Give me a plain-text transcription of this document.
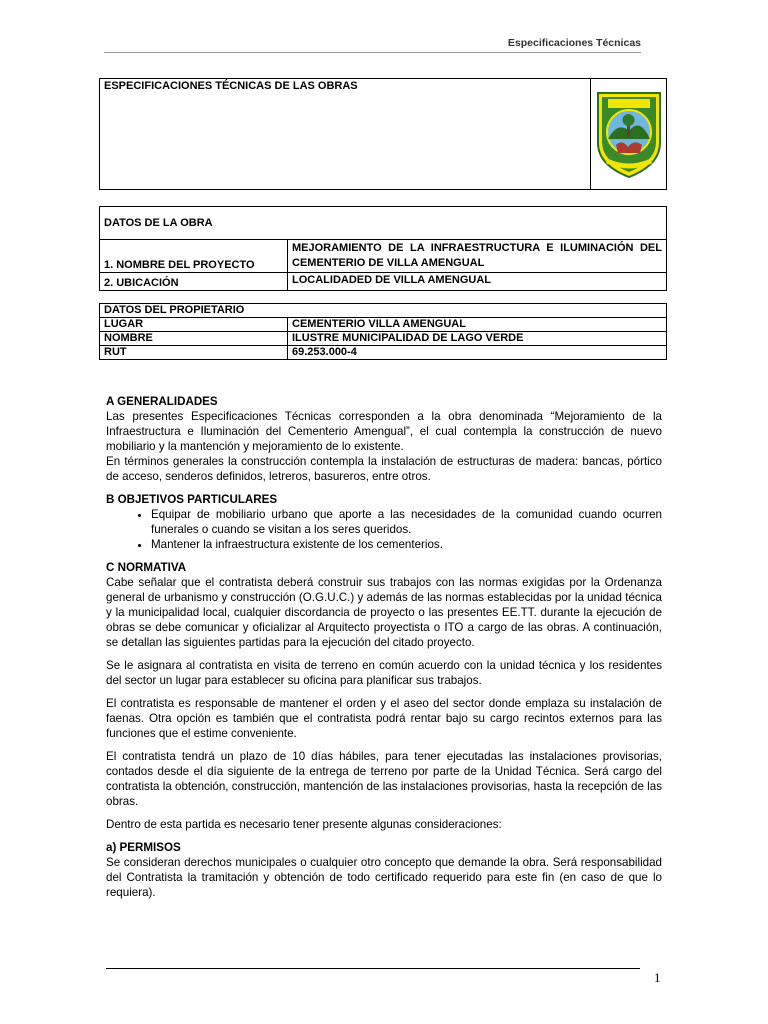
Especificaciones Técnicas
ESPECIFICACIONES TÉCNICAS DE LAS OBRAS	
DATOS DE LA OBRA	
1. NOMBRE DEL PROYECTO	MEJORAMIENTO DE LA INFRAESTRUCTURA E ILUMINACIÓN DEL CEMENTERIO DE VILLA AMENGUAL
2. UBICACIÓN	LOCALIDADED DE VILLA AMENGUAL
DATOS DEL PROPIETARIO	
LUGAR	CEMENTERIO VILLA AMENGUAL
NOMBRE	ILUSTRE MUNICIPALIDAD DE LAGO VERDE
RUT	69.253.000-4
A GENERALIDADES

Las presentes Especificaciones Técnicas corresponden a la obra denominada “Mejoramiento de la Infraestructura e Iluminación del Cementerio Amengual”, el cual contempla la construcción de nuevo mobiliario y la mantención y mejoramiento de lo existente.

En términos generales la construcción contempla la instalación de estructuras de madera: bancas, pórtico de acceso, senderos definidos, letreros, basureros, entre otros.

B OBJETIVOS PARTICULARES
• Equipar de mobiliario urbano que aporte a las necesidades de la comunidad cuando ocurren funerales o cuando se visitan a los seres queridos.
• Mantener la infraestructura existente de los cementerios.
C NORMATIVA

Cabe señalar que el contratista deberá construir sus trabajos con las normas exigidas por la Ordenanza general de urbanismo y construcción (O.G.U.C.) y además de las normas establecidas por la unidad técnica y la municipalidad local, cualquier discordancia de proyecto o las presentes EE.TT. durante la ejecución de obras se debe comunicar y oficializar al Arquitecto proyectista o ITO a cargo de las obras. A continuación, se detallan las siguientes partidas para la ejecución del citado proyecto.

Se le asignara al contratista en visita de terreno en común acuerdo con la unidad técnica y los residentes del sector un lugar para establecer su oficina para planificar sus trabajos.

El contratista es responsable de mantener el orden y el aseo del sector donde emplaza su instalación de faenas. Otra opción es también que el contratista podrá rentar bajo su cargo recintos externos para las funciones que el estime conveniente.

El contratista tendrá un plazo de 10 días hábiles, para tener ejecutadas las instalaciones provisorias, contados desde el día siguiente de la entrega de terreno por parte de la Unidad Técnica. Será cargo del contratista la obtención, construcción, mantención de las instalaciones provisorias, hasta la recepción de las obras.

Dentro de esta partida es necesario tener presente algunas consideraciones:

a) PERMISOS

Se consideran derechos municipales o cualquier otro concepto que demande la obra. Será responsabilidad del Contratista la tramitación y obtención de todo certificado requerido para este fin (en caso de que lo requiera).

1
